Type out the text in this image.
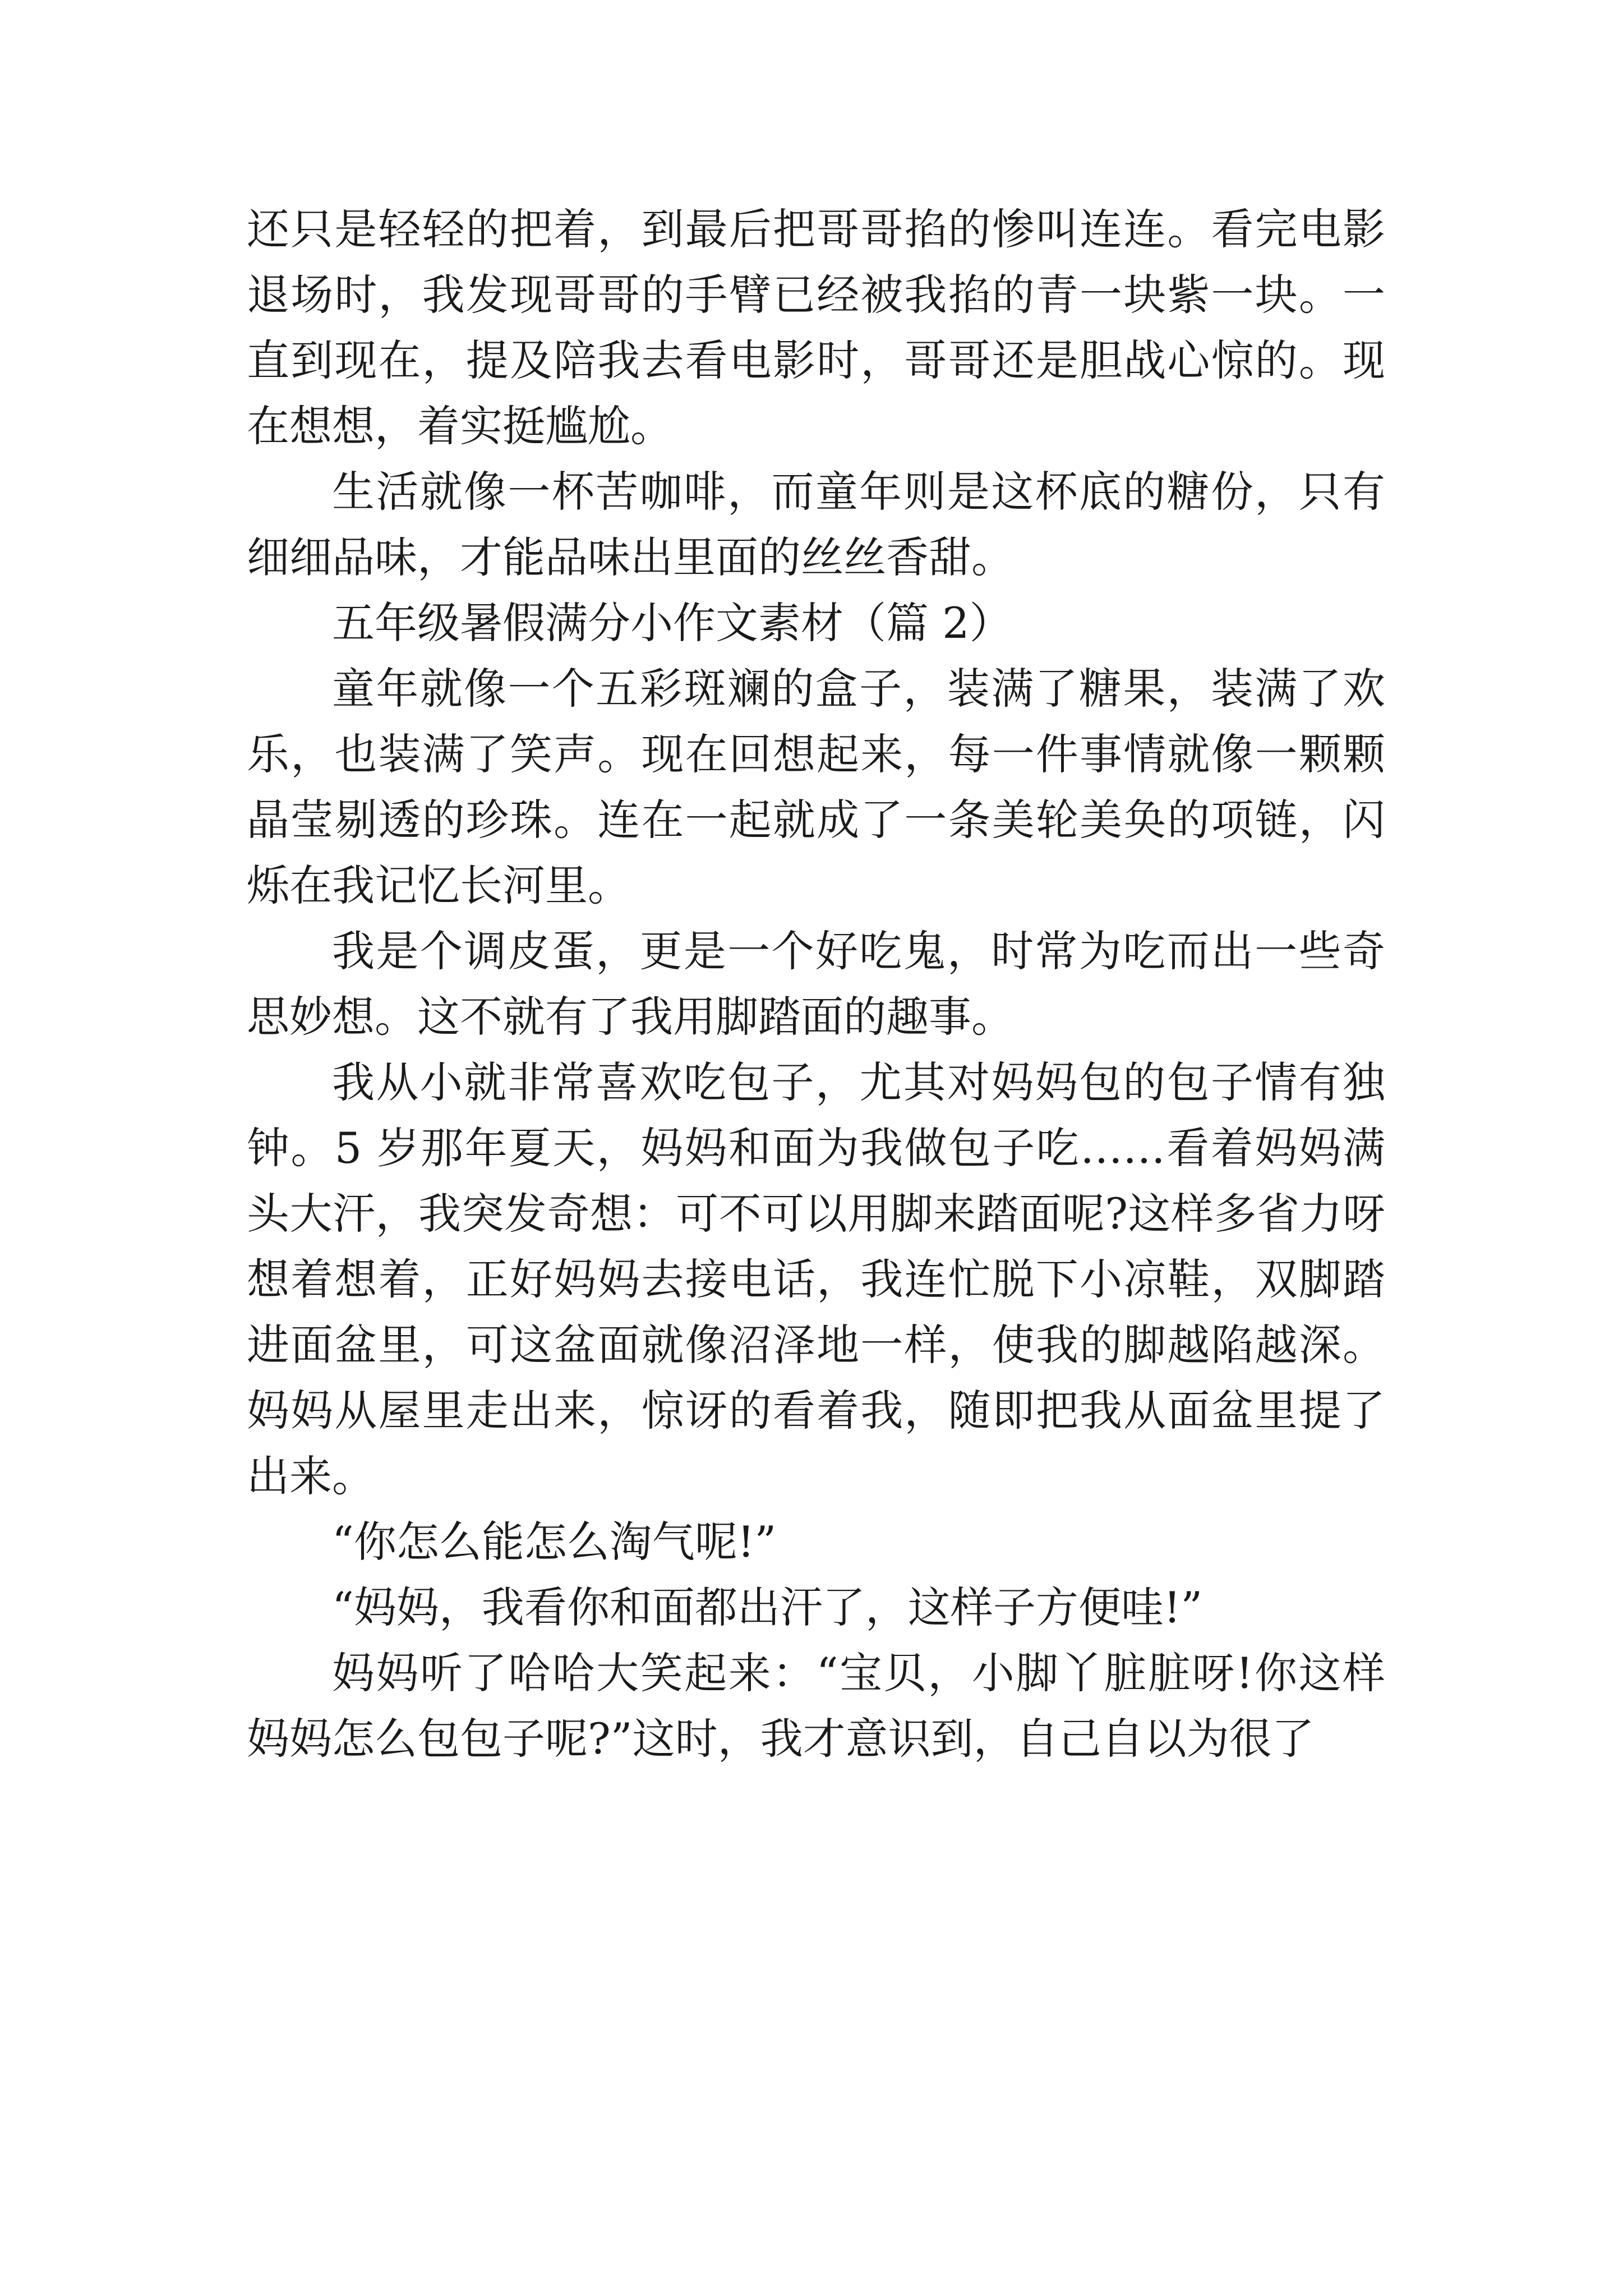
还只是轻轻的把着，到最后把哥哥掐的惨叫连连。看完电影退场时，我发现哥哥的手臂已经被我掐的青一块紫一块。一直到现在，提及陪我去看电影时，哥哥还是胆战心惊的。现在想想，着实挺尴尬。

生活就像一杯苦咖啡，而童年则是这杯底的糖份，只有细细品味，才能品味出里面的丝丝香甜。

五年级暑假满分小作文素材（篇 2）

童年就像一个五彩斑斓的盒子，装满了糖果，装满了欢乐，也装满了笑声。现在回想起来，每一件事情就像一颗颗晶莹剔透的珍珠。连在一起就成了一条美轮美奂的项链，闪烁在我记忆长河里。

我是个调皮蛋，更是一个好吃鬼，时常为吃而出一些奇思妙想。这不就有了我用脚踏面的趣事。

我从小就非常喜欢吃包子，尤其对妈妈包的包子情有独钟。5 岁那年夏天，妈妈和面为我做包子吃……看着妈妈满头大汗，我突发奇想：可不可以用脚来踏面呢?这样多省力呀想着想着，正好妈妈去接电话，我连忙脱下小凉鞋，双脚踏进面盆里，可这盆面就像沼泽地一样，使我的脚越陷越深。妈妈从屋里走出来，惊讶的看着我，随即把我从面盆里提了出来。

“你怎么能怎么淘气呢!”

“妈妈，我看你和面都出汗了，这样子方便哇!”

妈妈听了哈哈大笑起来：“宝贝，小脚丫脏脏呀!你这样妈妈怎么包包子呢?”这时，我才意识到，自己自以为很了
